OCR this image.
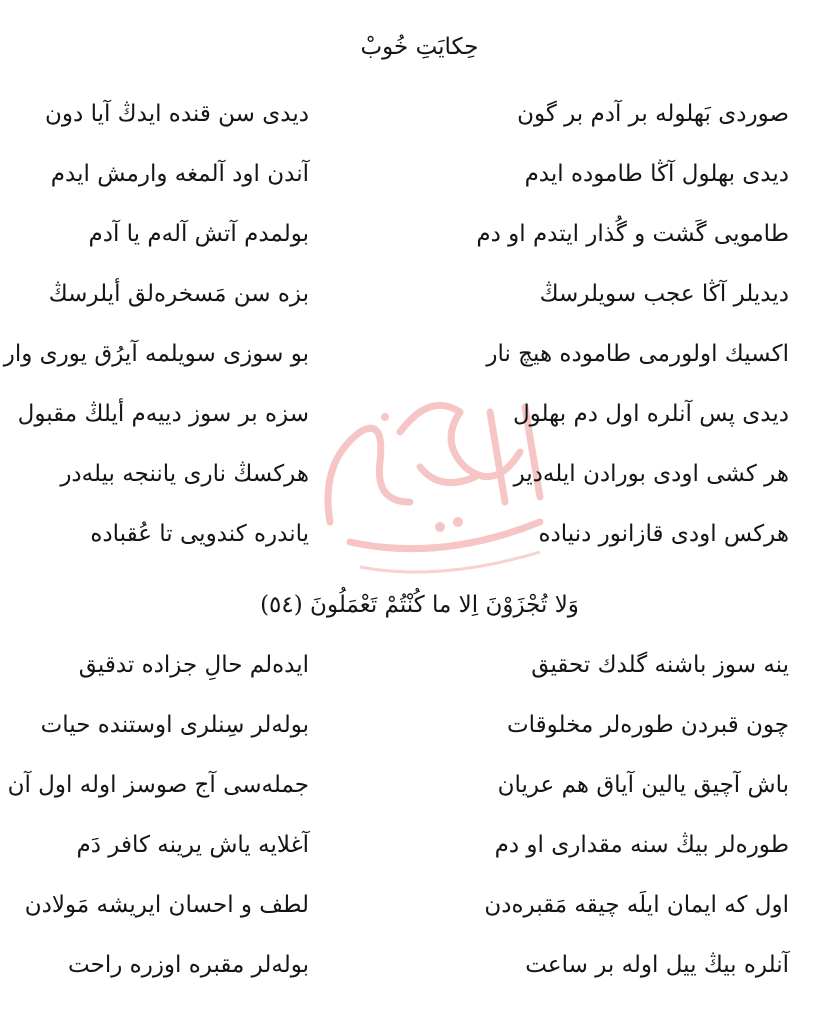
حِکایَتِ خُوبْ
صوردی بَهلوله بر آدم بر گون
دیدی سن قنده ایدڭ آیا دون
دیدی بهلول آڭا طاموده ایدم
آندن اود آلمغه وارمش ایدم
طامویی گَشت و گُذار ایتدم او دم
بولمدم آتش آلەم یا آدم
دیدیلر آڭا عجب سویلرسڭ
بزه سن مَسخرەلق أیلرسڭ
اکسیك اولورمی طاموده هیچ نار
بو سوزی سویلمه آیرُق یوری وار
دیدی پس آنلره اول دم بهلول
سزه بر سوز دیيەم أیلڭ مقبول
هر کشی اودی بورادن ایلەدیر
هرکسڭ ناری یاننجه بیلەدر
هرکس اودی قازانور دنیاده
یاندره کندویی تا عُقباده
وَلا تُجْزَوْنَ اِلا ما کُنْتُمْ تَعْمَلُونَ (٥٤)
ینه سوز باشنه گلدك تحقیق
ایدەلم حالِ جزاده تدقیق
چون قبردن طورەلر مخلوقات
بولەلر سِنلری اوستنده حیات
باش آچیق یالین آیاق هم عریان
جملەسی آج صوسز اوله اول آن
طورەلر بیڭ سنه مقداری او دم
آغلایه یاش یرینه کافر دَم
اول که ایمان ایلَه چیقه مَقبرەدن
لطف و احسان ایریشه مَولادن
آنلره بیڭ ییل اوله بر ساعت
بولەلر مقبره اوزره راحت
